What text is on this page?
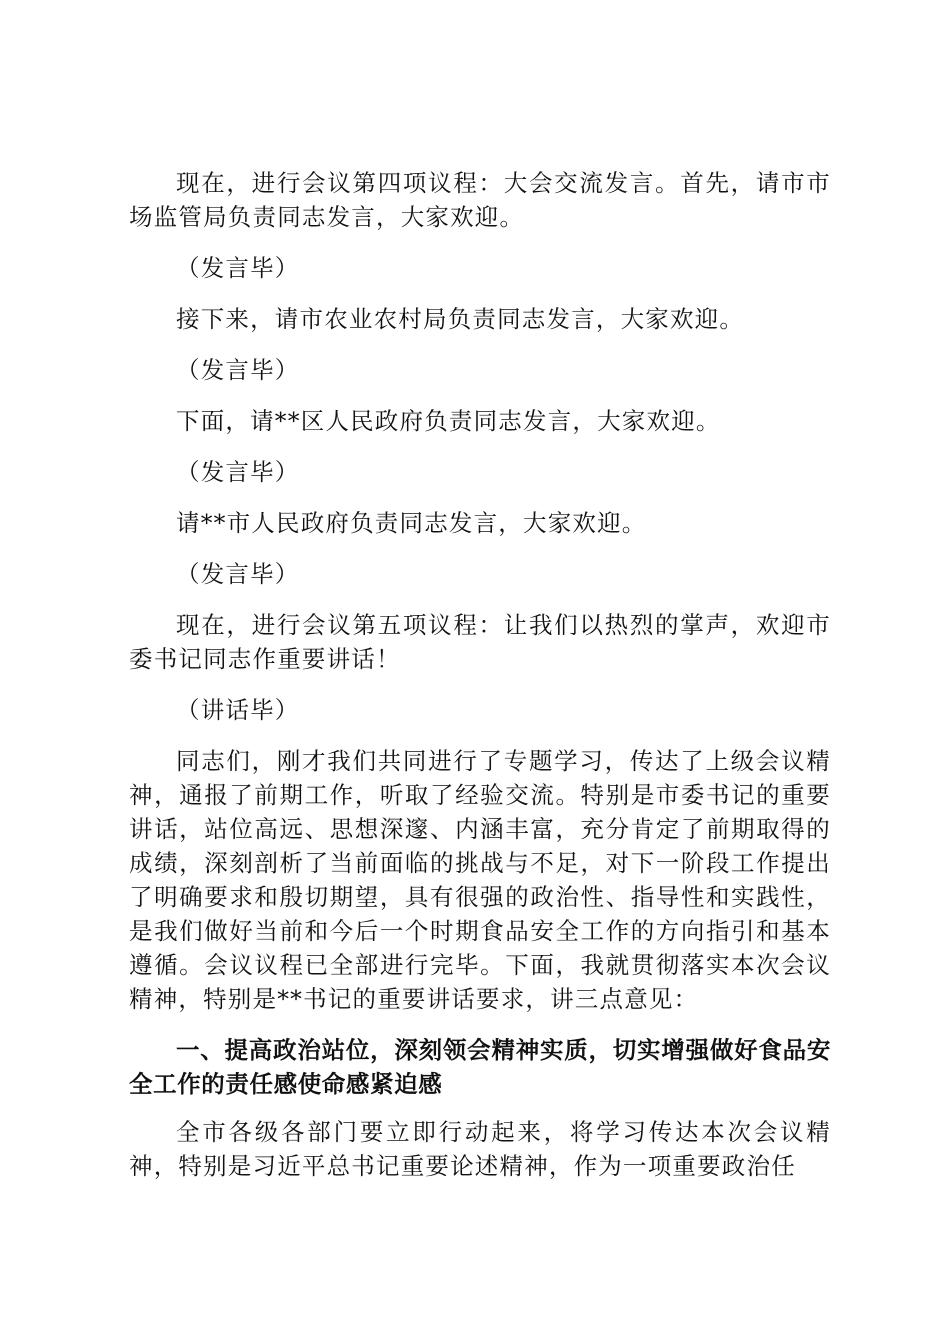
现在，进行会议第四项议程：大会交流发言。首先，请市市场监管局负责同志发言，大家欢迎。

（发言毕）

接下来，请市农业农村局负责同志发言，大家欢迎。

（发言毕）

下面，请**区人民政府负责同志发言，大家欢迎。

（发言毕）

请**市人民政府负责同志发言，大家欢迎。

（发言毕）

现在，进行会议第五项议程：让我们以热烈的掌声，欢迎市委书记同志作重要讲话！

（讲话毕）

同志们，刚才我们共同进行了专题学习，传达了上级会议精神，通报了前期工作，听取了经验交流。特别是市委书记的重要讲话，站位高远、思想深邃、内涵丰富，充分肯定了前期取得的成绩，深刻剖析了当前面临的挑战与不足，对下一阶段工作提出了明确要求和殷切期望，具有很强的政治性、指导性和实践性，是我们做好当前和今后一个时期食品安全工作的方向指引和基本遵循。会议议程已全部进行完毕。下面，我就贯彻落实本次会议精神，特别是**书记的重要讲话要求，讲三点意见：

一、提高政治站位，深刻领会精神实质，切实增强做好食品安全工作的责任感使命感紧迫感

全市各级各部门要立即行动起来，将学习传达本次会议精神，特别是习近平总书记重要论述精神，作为一项重要政治任
